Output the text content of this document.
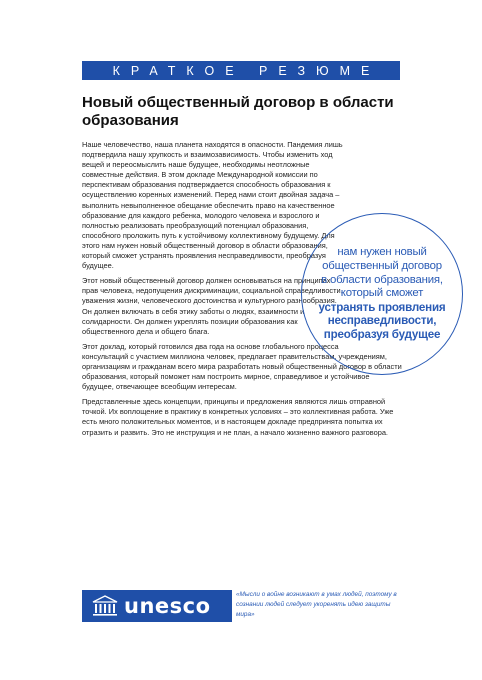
КРАТКОЕ РЕЗЮМЕ
Новый общественный договор в области образования

Наше человечество, наша планета находятся в опасности. Пандемия лишь подтвердила нашу хрупкость и взаимозависимость. Чтобы изменить ход вещей и переосмыслить наше будущее, необходимы неотложные совместные действия. В этом докладе Международной комиссии по перспективам образования подтверждается способность образования к осуществлению коренных изменений. Перед нами стоит двойная задача – выполнить невыполненное обещание обеспечить право на качественное образование для каждого ребенка, молодого человека и взрослого и полностью реализовать преобразующий потенциал образования, способного проложить путь к устойчивому коллективному будущему. Для этого нам нужен новый общественный договор в области образования, который сможет устранять проявления несправедливости, преобразуя будущее.

Этот новый общественный договор должен основываться на принципах прав человека, недопущения дискриминации, социальной справедливости, уважения жизни, человеческого достоинства и культурного разнообразия. Он должен включать в себя этику заботы о людях, взаимности и солидарности. Он должен укреплять позиции образования как общественного дела и общего блага.

Этот доклад, который готовился два года на основе глобального процесса консультаций с участием миллиона человек, предлагает правительствам, учреждениям, организациям и гражданам всего мира разработать новый общественный договор в области образования, который поможет нам построить мирное, справедливое и устойчивое будущее, отвечающее всеобщим интересам.

Представленные здесь концепции, принципы и предложения являются лишь отправной точкой. Их воплощение в практику в конкретных условиях – это коллективная работа. Уже есть много положительных моментов, и в настоящем докладе предпринята попытка их отразить и развить. Это не инструкция и не план, а начало жизненно важного разговора.

нам нужен новый общественный договор в области образования, который сможет
устранять проявления несправедливости, преобразуя будущее
unesco	«Мысли о войне возникают в умах людей, поэтому в сознании людей следует укоренять идею защиты мира»
